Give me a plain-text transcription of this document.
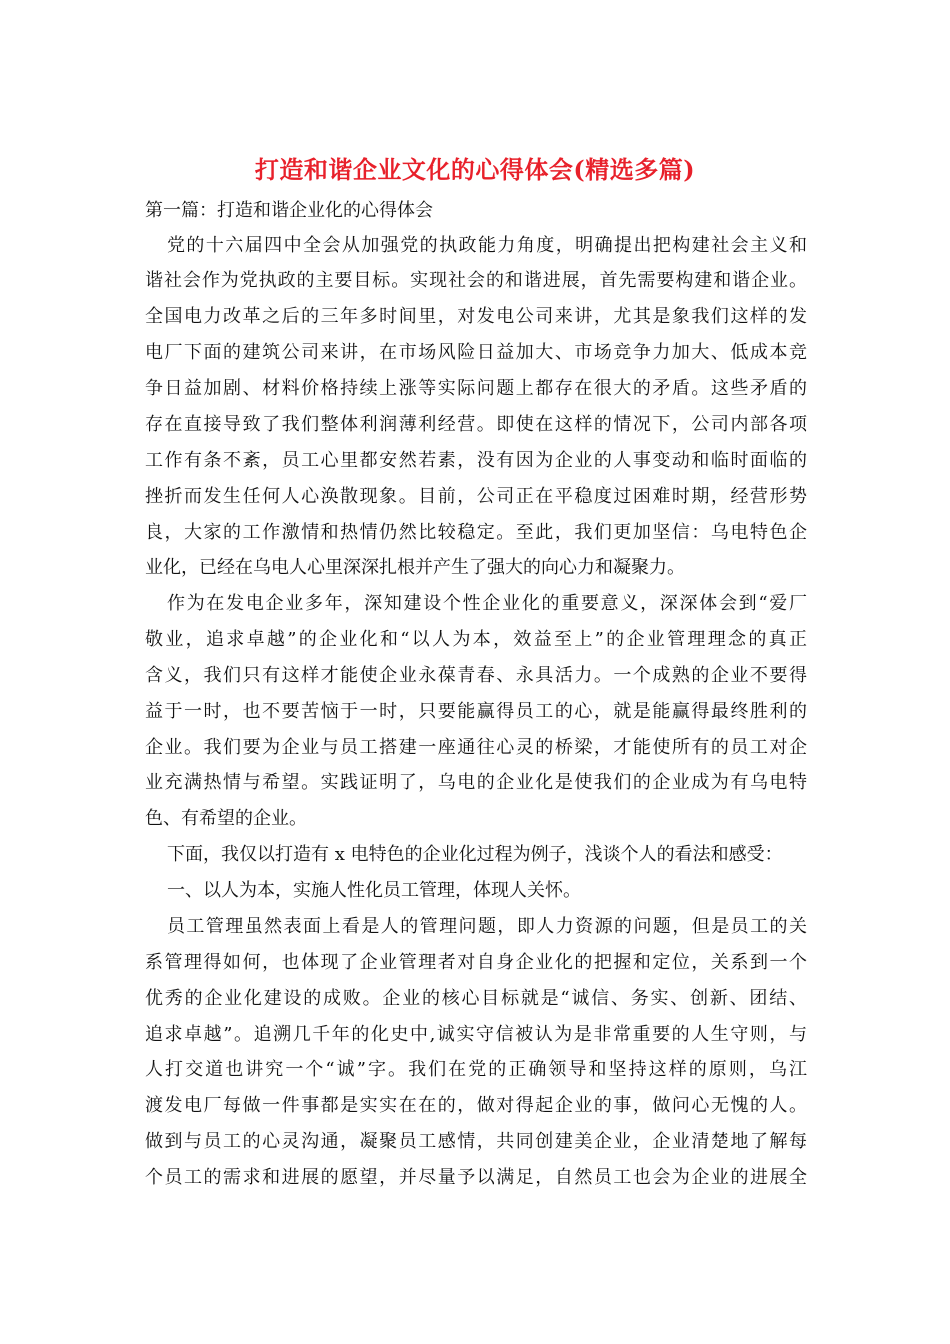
打造和谐企业文化的心得体会(精选多篇)
第一篇：打造和谐企业化的心得体会
党的十六届四中全会从加强党的执政能力角度，明确提出把构建社会主义和
谐社会作为党执政的主要目标。实现社会的和谐进展，首先需要构建和谐企业。
全国电力改革之后的三年多时间里，对发电公司来讲，尤其是象我们这样的发
电厂下面的建筑公司来讲，在市场风险日益加大、市场竞争力加大、低成本竞
争日益加剧、材料价格持续上涨等实际问题上都存在很大的矛盾。这些矛盾的
存在直接导致了我们整体利润薄利经营。即使在这样的情况下，公司内部各项
工作有条不紊，员工心里都安然若素，没有因为企业的人事变动和临时面临的
挫折而发生任何人心涣散现象。目前，公司正在平稳度过困难时期，经营形势
良，大家的工作激情和热情仍然比较稳定。至此，我们更加坚信：乌电特色企
业化，已经在乌电人心里深深扎根并产生了强大的向心力和凝聚力。
作为在发电企业多年，深知建设个性企业化的重要意义，深深体会到“爱厂
敬业，追求卓越”的企业化和“以人为本，效益至上”的企业管理理念的真正
含义，我们只有这样才能使企业永葆青春、永具活力。一个成熟的企业不要得
益于一时，也不要苦恼于一时，只要能赢得员工的心，就是能赢得最终胜利的
企业。我们要为企业与员工搭建一座通往心灵的桥梁，才能使所有的员工对企
业充满热情与希望。实践证明了，乌电的企业化是使我们的企业成为有乌电特
色、有希望的企业。
下面，我仅以打造有 x 电特色的企业化过程为例子，浅谈个人的看法和感受：
一、以人为本，实施人性化员工管理，体现人关怀。
员工管理虽然表面上看是人的管理问题，即人力资源的问题，但是员工的关
系管理得如何，也体现了企业管理者对自身企业化的把握和定位，关系到一个
优秀的企业化建设的成败。企业的核心目标就是“诚信、务实、创新、团结、
追求卓越”。追溯几千年的化史中,诚实守信被认为是非常重要的人生守则，与
人打交道也讲究一个“诚”字。我们在党的正确领导和坚持这样的原则，乌江
渡发电厂每做一件事都是实实在在的，做对得起企业的事，做问心无愧的人。
做到与员工的心灵沟通，凝聚员工感情，共同创建美企业，企业清楚地了解每
个员工的需求和进展的愿望，并尽量予以满足，自然员工也会为企业的进展全
